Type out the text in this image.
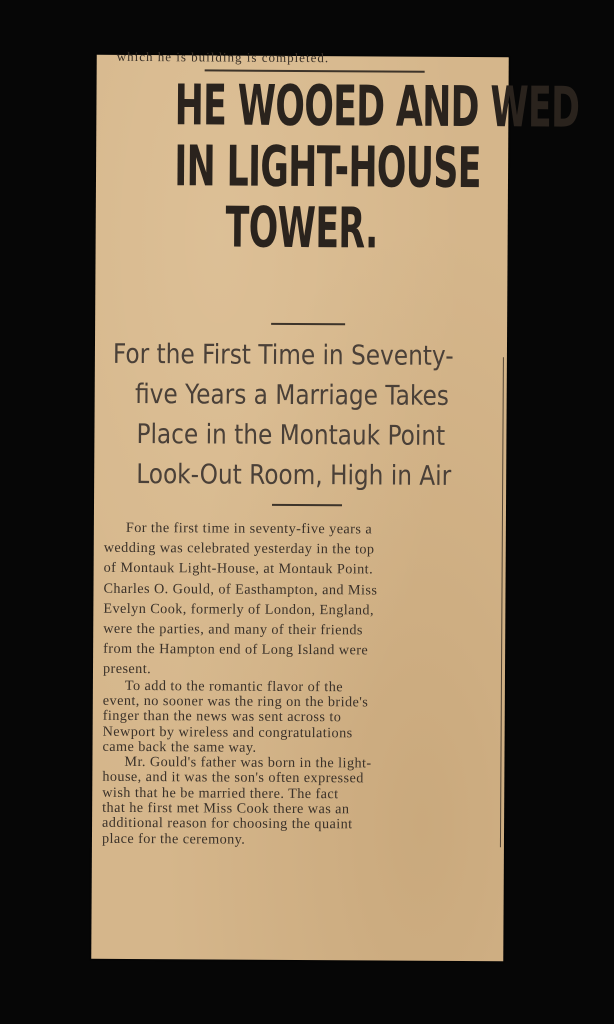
which he is building is completed.
HE WOOED AND WED
IN LIGHT-HOUSE
TOWER.
For the First Time in Seventy-
five Years a Marriage Takes
Place in the Montauk Point
Look-Out Room, High in Air
For the first time in seventy-five years a
wedding was celebrated yesterday in the top
of Montauk Light-House, at Montauk Point.
Charles O. Gould, of Easthampton, and Miss
Evelyn Cook, formerly of London, England,
were the parties, and many of their friends
from the Hampton end of Long Island were
present.
To add to the romantic flavor of the
event, no sooner was the ring on the bride's
finger than the news was sent across to
Newport by wireless and congratulations
came back the same way.
Mr. Gould's father was born in the light-
house, and it was the son's often expressed
wish that he be married there. The fact
that he first met Miss Cook there was an
additional reason for choosing the quaint
place for the ceremony.
